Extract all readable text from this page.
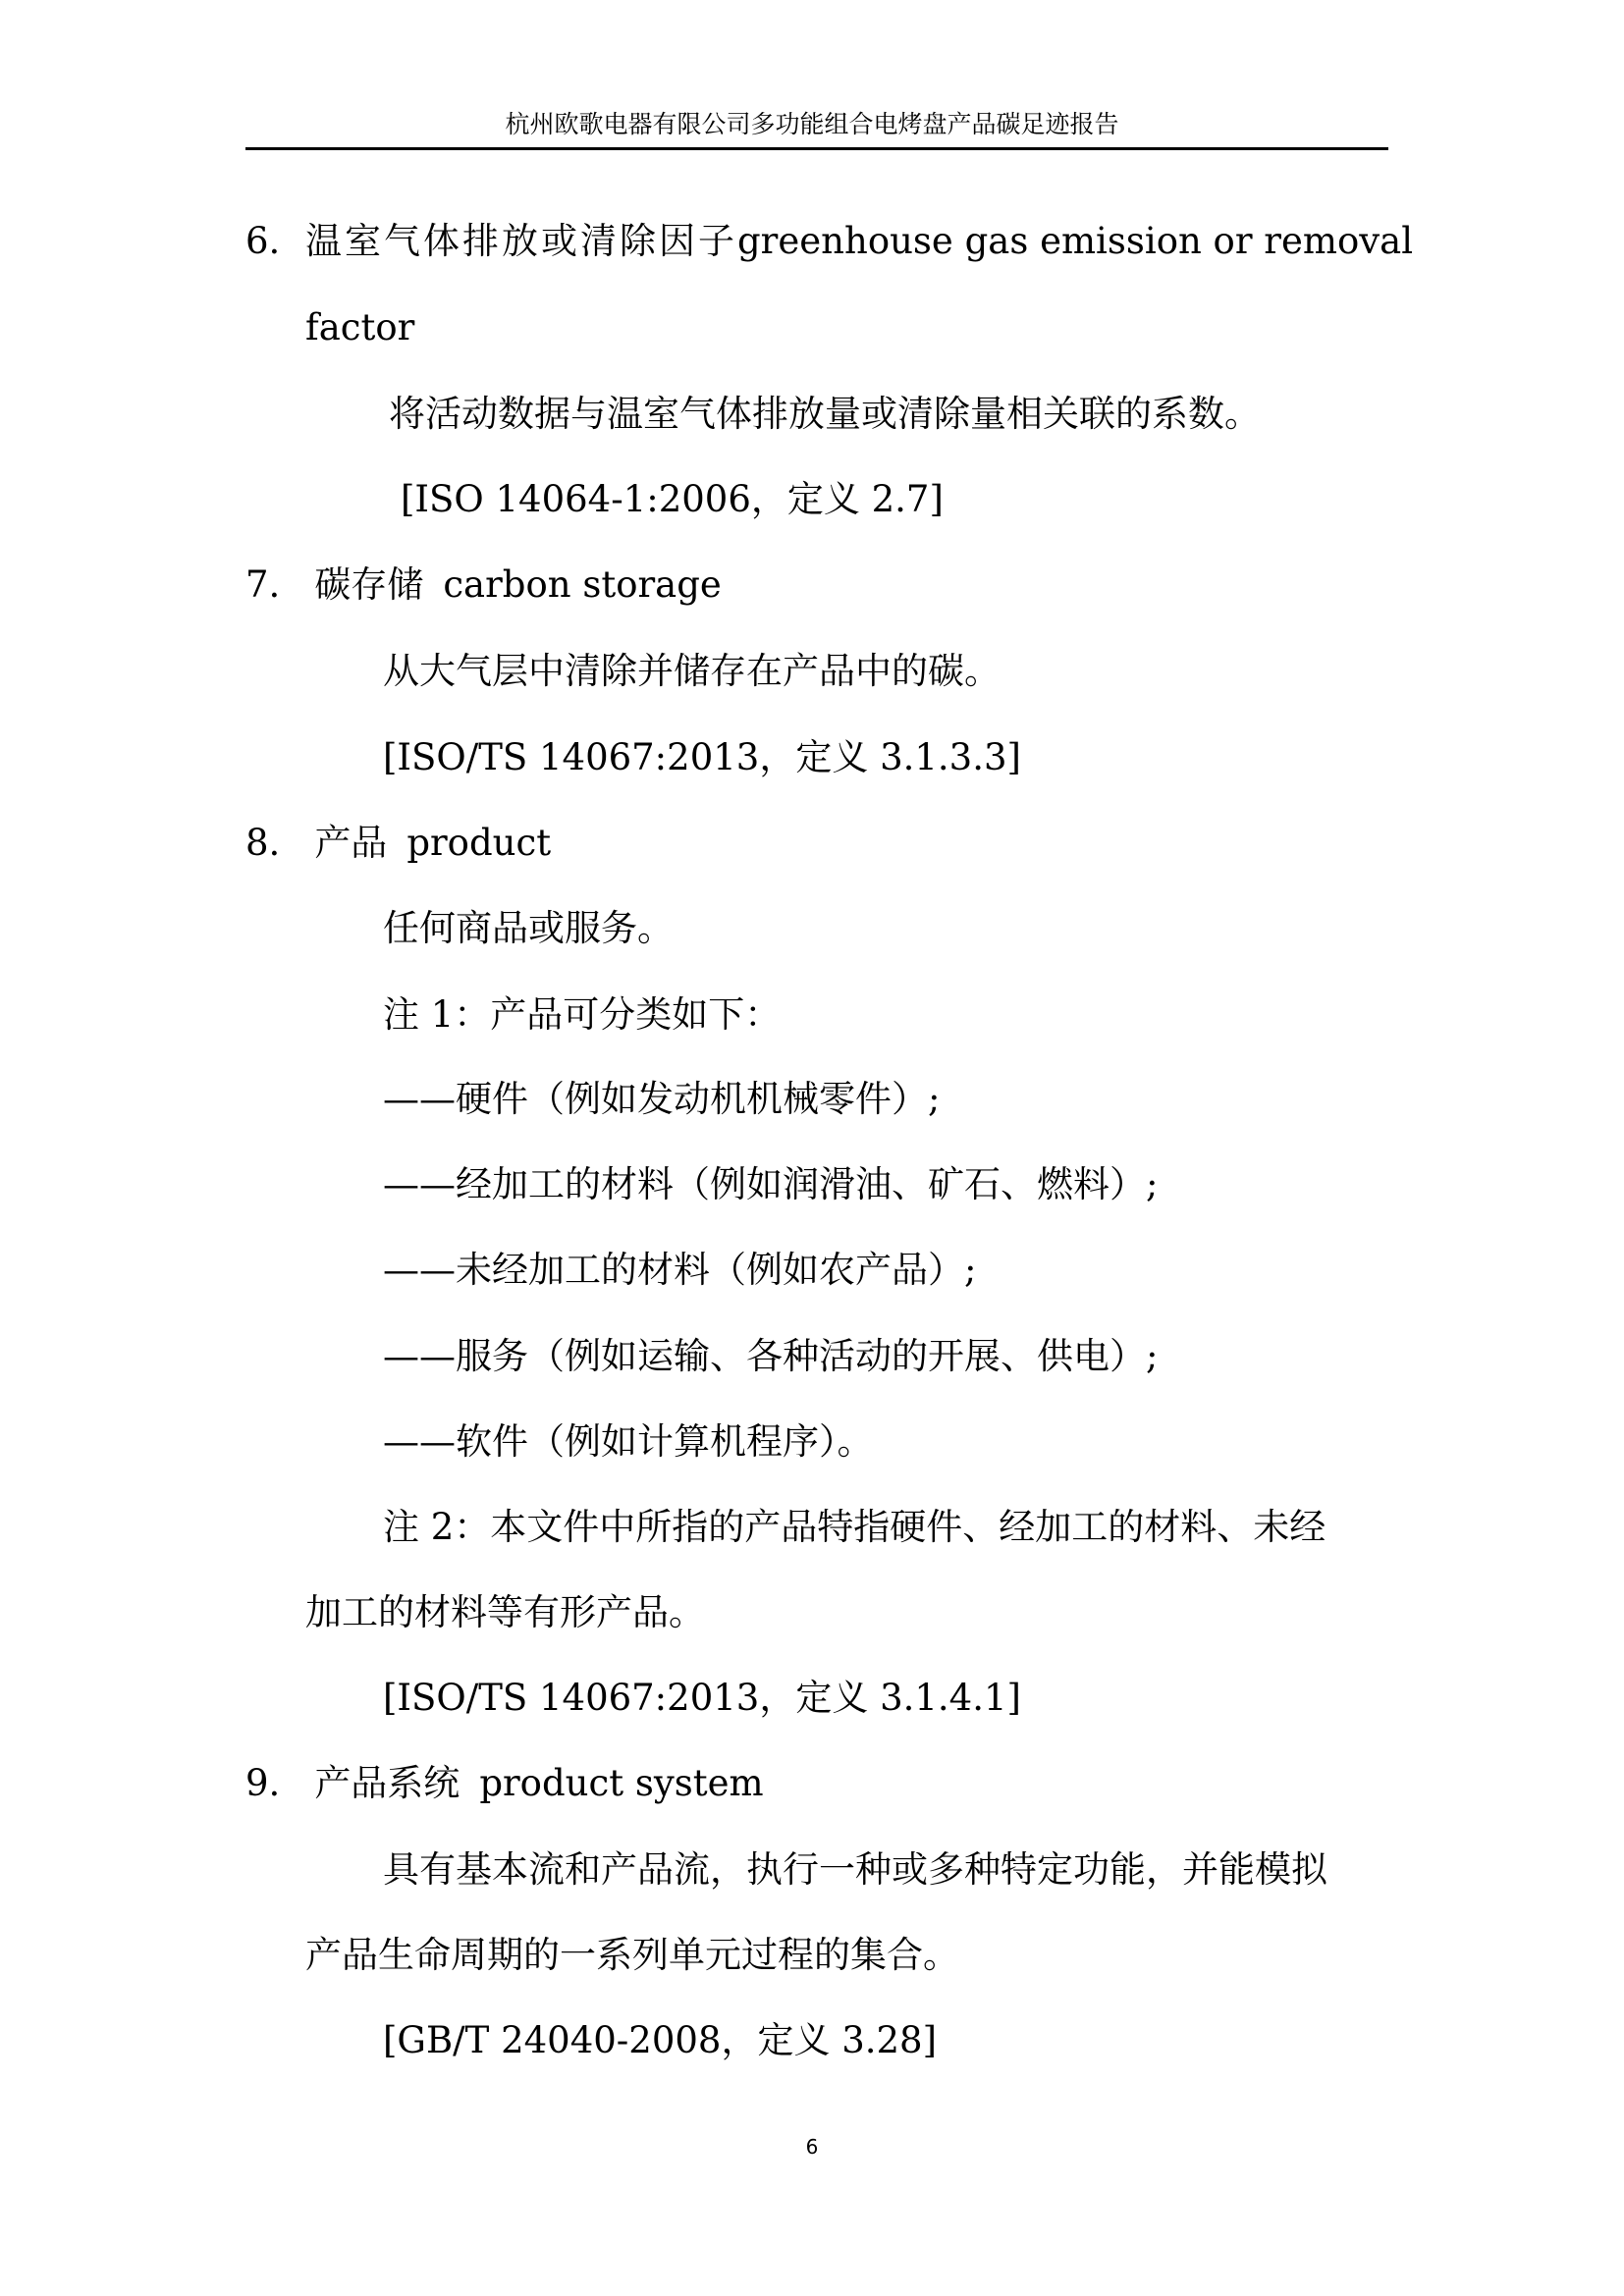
杭州欧歌电器有限公司多功能组合电烤盘产品碳足迹报告
6. 温室气体排放或清除因子 greenhouse gas emission or removal
factor
将活动数据与温室气体排放量或清除量相关联的系数。
[ISO 14064-1:2006，定义 2.7]
7. 碳存储 carbon storage
从大气层中清除并储存在产品中的碳。
[ISO/TS 14067:2013，定义 3.1.3.3]
8. 产品 product
任何商品或服务。
注 1：产品可分类如下：
——硬件（例如发动机机械零件）;
——经加工的材料（例如润滑油、矿石、燃料）;
——未经加工的材料（例如农产品）;
——服务（例如运输、各种活动的开展、供电）;
——软件（例如计算机程序）。
注 2：本文件中所指的产品特指硬件、经加工的材料、未经
加工的材料等有形产品。
[ISO/TS 14067:2013，定义 3.1.4.1]
9. 产品系统 product system
具有基本流和产品流，执行一种或多种特定功能，并能模拟
产品生命周期的一系列单元过程的集合。
[GB/T 24040-2008，定义 3.28]
6
